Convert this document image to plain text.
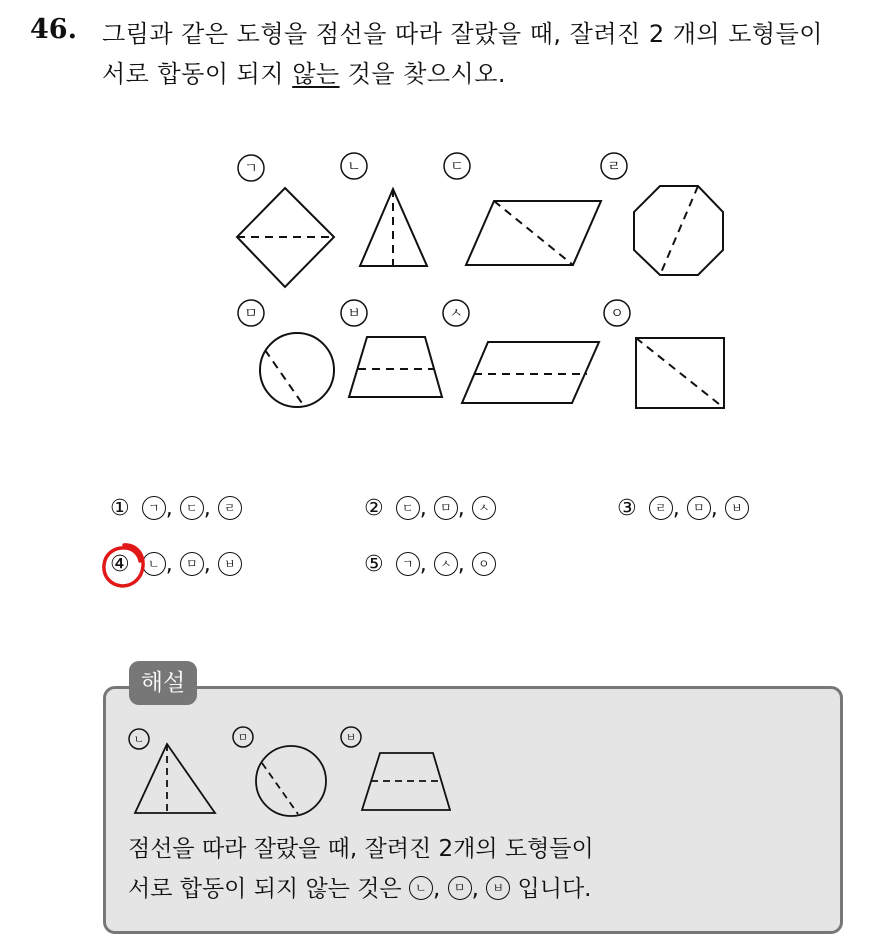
46. 그림과 같은 도형을 점선을 따라 잘랐을 때, 잘려진 2 개의 도형들이
서로 합동이 되지 않는 것을 찾으시오.
ㄱ	ㄴ	ㄷ	ㄹ
ㅁ	ㅂ	ㅅ	ㅇ
① ㄱ , ㄷ , ㄹ	② ㄷ , ㅁ , ㅅ	③ ㄹ , ㅁ , ㅂ
④ ㄴ , ㅁ , ㅂ	⑤ ㄱ , ㅅ , ㅇ
해설
ㄴ	ㅁ	ㅂ
점선을 따라 잘랐을 때, 잘려진 2개의 도형들이
서로 합동이 되지 않는 것은 ㄴ , ㅁ , ㅂ 입니다.
